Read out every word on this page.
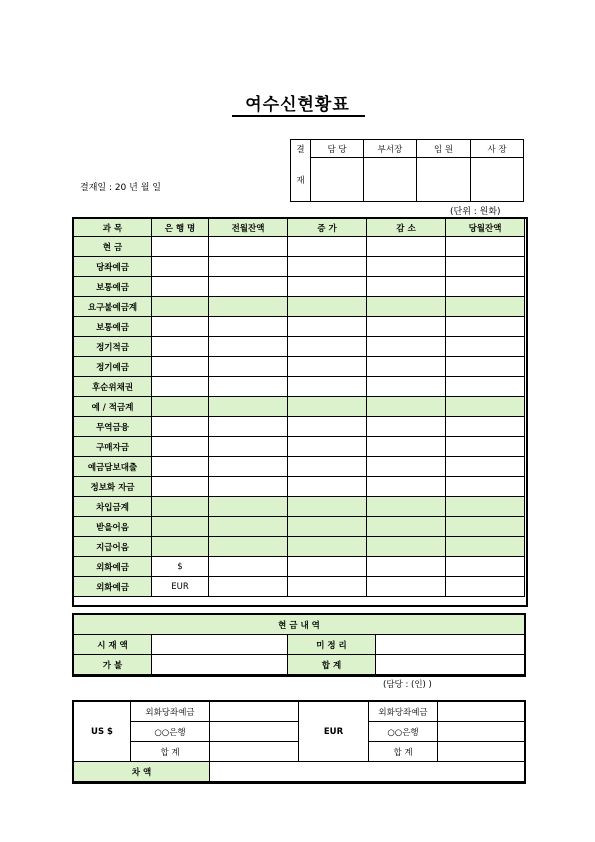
여수신현황표
결	담 당	부서장	임 원	사 장

재				
결재일 : 20 년 월 일
(단위 : 원화)
과 목	은 행 명	전월잔액	증 가	감 소	당월잔액
현 금					
당좌예금					
보통예금					
요구불예금계					
보통예금					
정기적금					
정기예금					
후순위채권					
예 / 적금계					
무역금융					
구매자금					
예금담보대출					
정보화 자금					
차입금계					
받을어음					
지급어음					
외화예금	$				
외화예금	EUR				
현 금 내 역			
시 재 액		미 정 리	
가 불		합 계	
(담당 : (인) )
US $	외화당좌예금		EUR	외화당좌예금	
	○○은행			○○은행	
	합 계			합 계	
차 액					
